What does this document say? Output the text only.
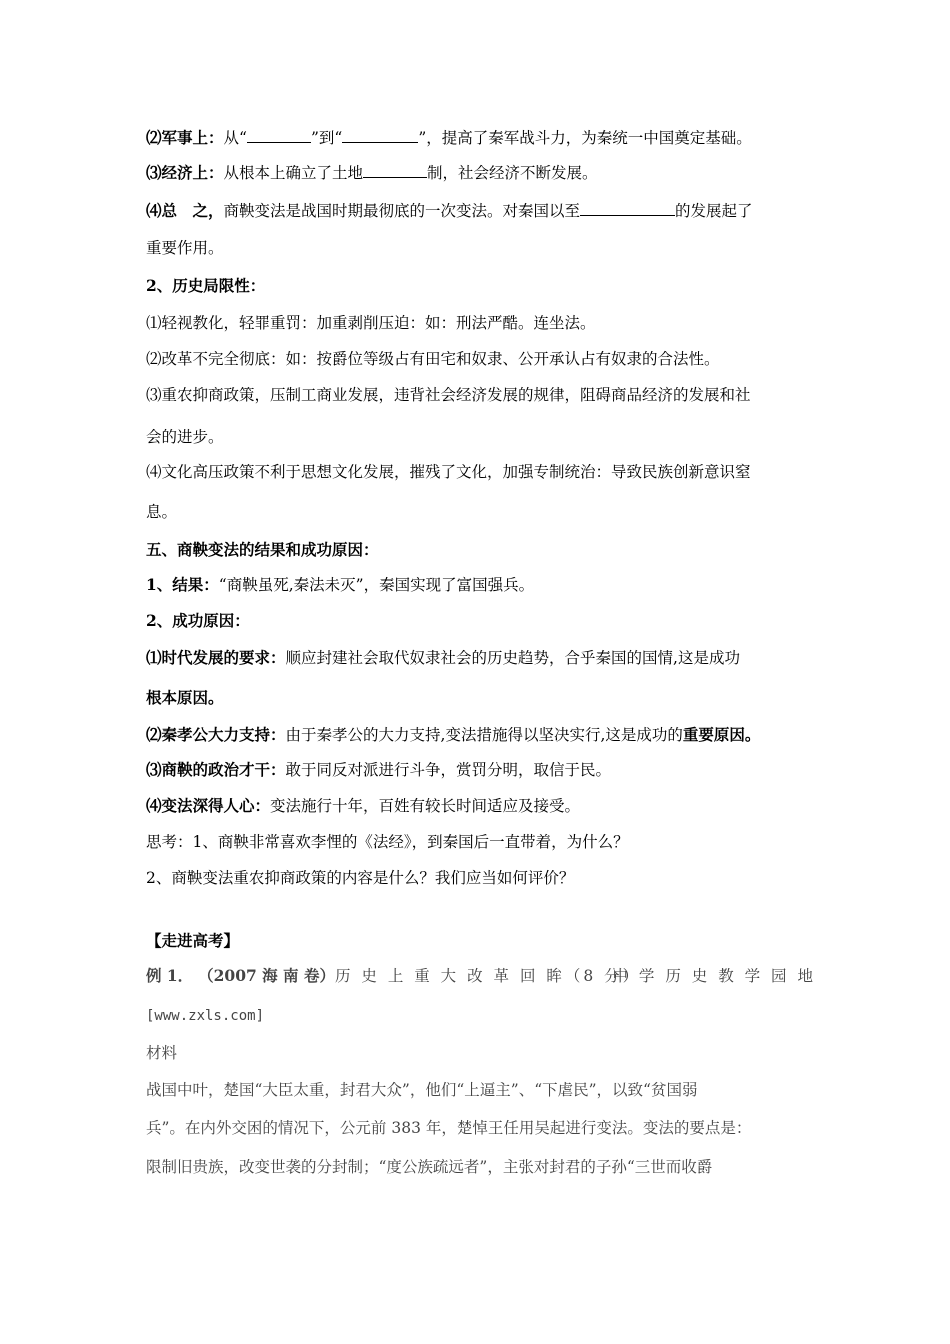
⑵军事上：从“	”到“	”，提高了秦军战斗力，为秦统一中国奠定基础。
⑶经济上：从根本上确立了土地	制，社会经济不断发展。
⑷总　之，商鞅变法是战国时期最彻底的一次变法。对秦国以至	的发展起了
重要作用。
2、历史局限性：
⑴轻视教化，轻罪重罚：加重剥削压迫：如：刑法严酷。连坐法。
⑵改革不完全彻底：如：按爵位等级占有田宅和奴隶、公开承认占有奴隶的合法性。
⑶重农抑商政策，压制工商业发展，违背社会经济发展的规律，阻碍商品经济的发展和社
会的进步。
⑷文化高压政策不利于思想文化发展，摧残了文化，加强专制统治：导致民族创新意识窒
息。
五、商鞅变法的结果和成功原因：
1、结果：“商鞅虽死,秦法未灭”，秦国实现了富国强兵。
2、成功原因：
⑴时代发展的要求：顺应封建社会取代奴隶社会的历史趋势，合乎秦国的国情,这是成功
根本原因。
⑵秦孝公大力支持：由于秦孝公的大力支持,变法措施得以坚决实行,这是成功的重要原因。
⑶商鞅的政治才干：敢于同反对派进行斗争，赏罚分明，取信于民。
⑷变法深得人心：变法施行十年，百姓有较长时间适应及接受。
思考：1、商鞅非常喜欢李悝的《法经》，到秦国后一直带着，为什么？
2、商鞅变法重农抑商政策的内容是什么？我们应当如何评价？
【走进高考】
例 1． （2007 海 南 卷）历 史 上 重 大 改 革 回 眸（8 分）
中 学 历 史 教 学 园 地
[www.zxls.com]
材料
战国中叶，楚国“大臣太重，封君大众”，他们“上逼主”、“下虐民”，以致“贫国弱
兵”。在内外交困的情况下，公元前 383 年，楚悼王任用吴起进行变法。变法的要点是：
限制旧贵族，改变世袭的分封制；“度公族疏远者”，主张对封君的子孙“三世而收爵
